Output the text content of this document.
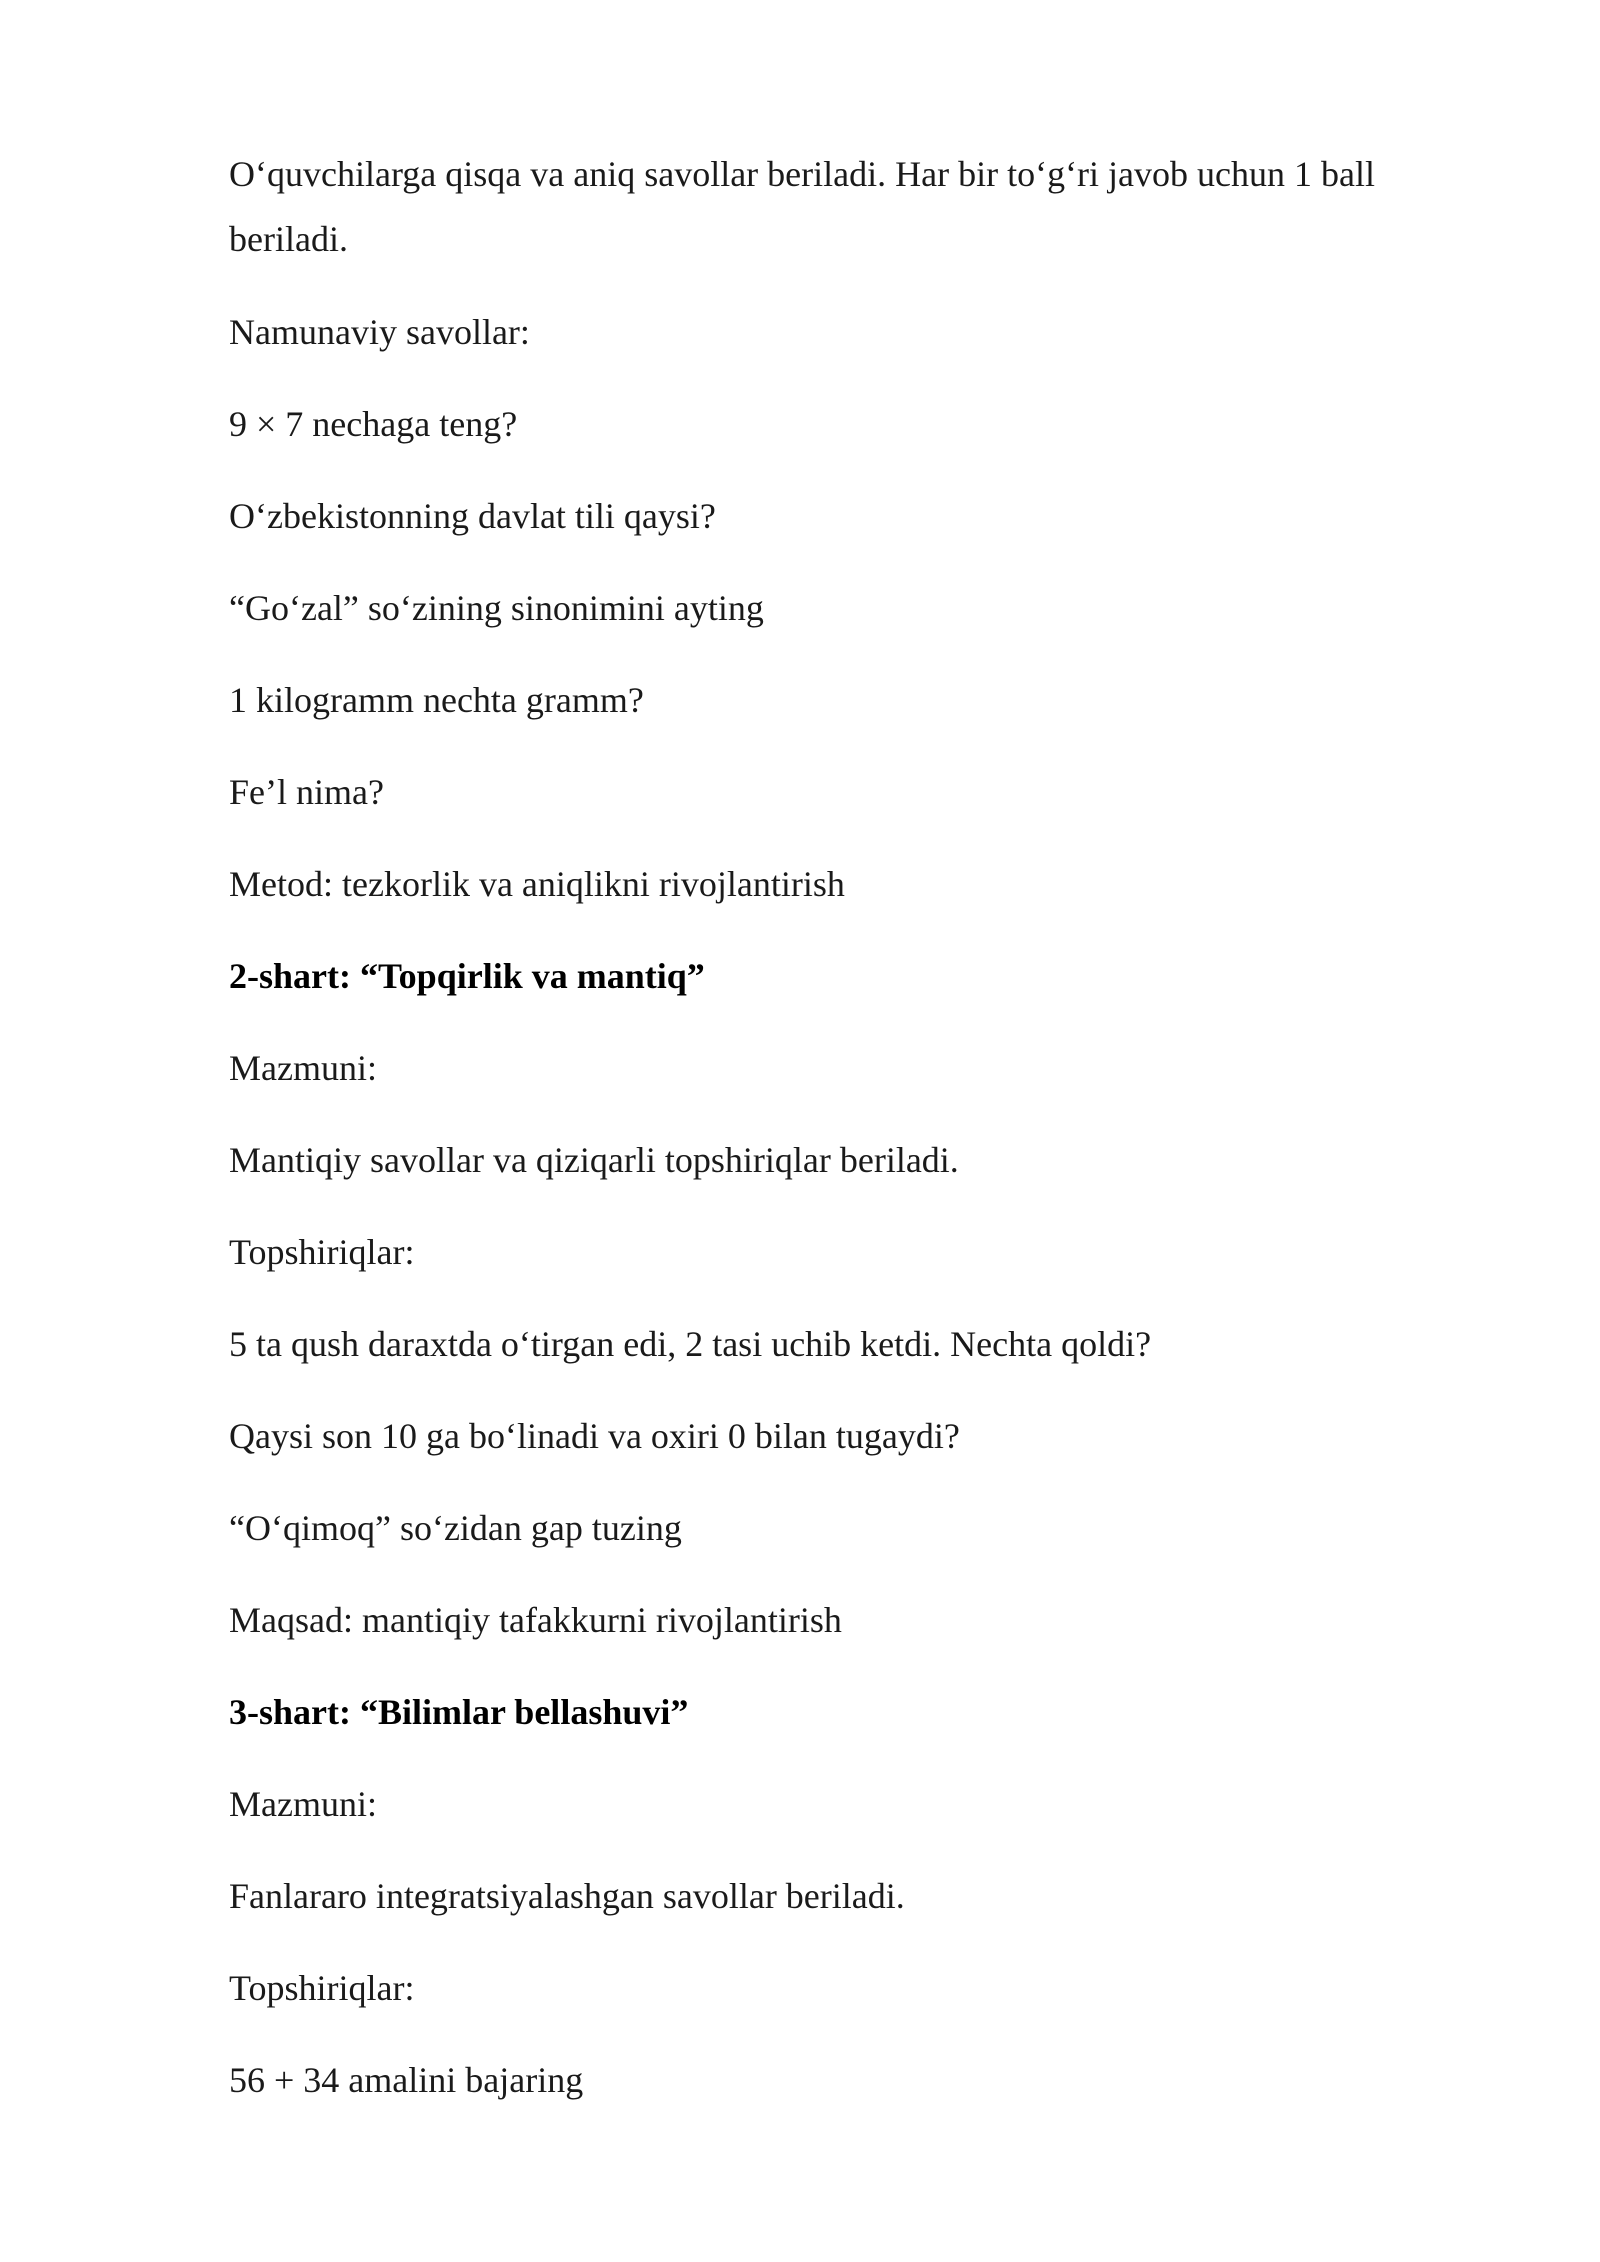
O‘quvchilarga qisqa va aniq savollar beriladi. Har bir to‘g‘ri javob uchun 1 ball beriladi.

Namunaviy savollar:

9 × 7 nechaga teng?

O‘zbekistonning davlat tili qaysi?

“Go‘zal” so‘zining sinonimini ayting

1 kilogramm nechta gramm?

Fe’l nima?

Metod: tezkorlik va aniqlikni rivojlantirish

2-shart: “Topqirlik va mantiq”

Mazmuni:

Mantiqiy savollar va qiziqarli topshiriqlar beriladi.

Topshiriqlar:

5 ta qush daraxtda o‘tirgan edi, 2 tasi uchib ketdi. Nechta qoldi?

Qaysi son 10 ga bo‘linadi va oxiri 0 bilan tugaydi?

“O‘qimoq” so‘zidan gap tuzing

Maqsad: mantiqiy tafakkurni rivojlantirish

3-shart: “Bilimlar bellashuvi”

Mazmuni:

Fanlararo integratsiyalashgan savollar beriladi.

Topshiriqlar:

56 + 34 amalini bajaring
